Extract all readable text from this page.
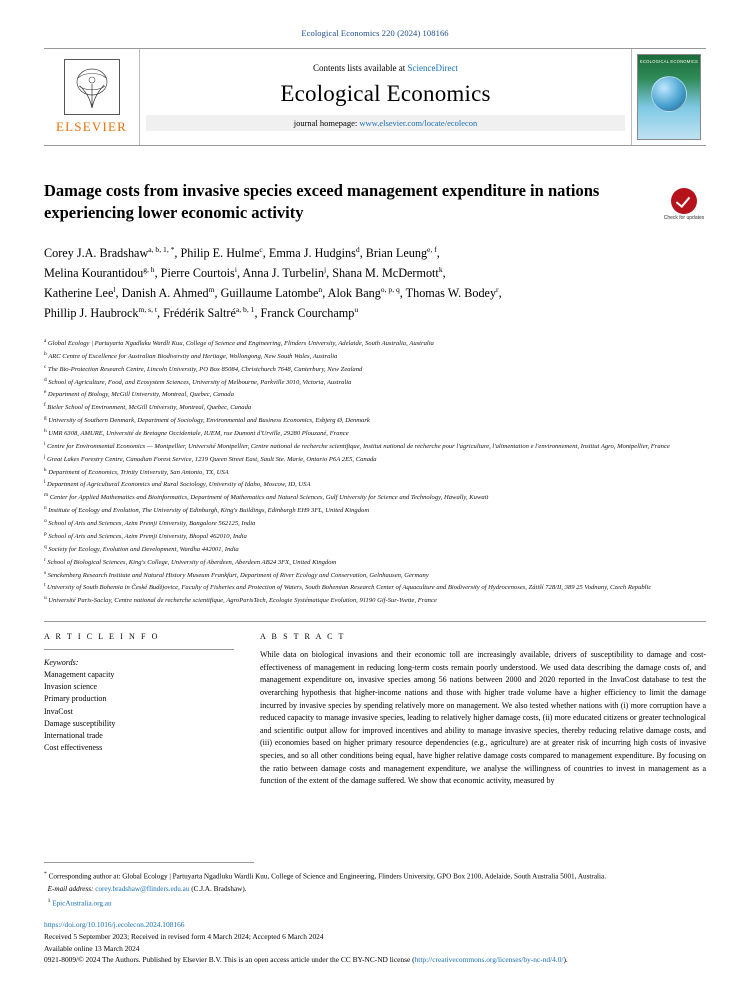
Ecological Economics 220 (2024) 108166
ELSEVIER
Contents lists available at ScienceDirect
Ecological Economics
journal homepage: www.elsevier.com/locate/ecolecon
ECOLOGICAL ECONOMICS
Check for updates
Damage costs from invasive species exceed management expenditure in nations experiencing lower economic activity
Corey J.A. Bradshaw$^{a, b, 1, *}$, Philip E. Hulme$^c$, Emma J. Hudgins$^d$, Brian Leung$^{e, f}$,
Melina Kourantidou$^{g, h}$, Pierre Courtois$^i$, Anna J. Turbelin$^j$, Shana M. McDermott$^k$,
Katherine Lee$^l$, Danish A. Ahmed$^m$, Guillaume Latombe$^n$, Alok Bang$^{o, p, q}$, Thomas W. Bodey$^r$,
Phillip J. Haubrock$^{m, s, t}$, Frédérik Saltré$^{a, b, 1}$, Franck Courchamp$^u$
$^a$ Global Ecology | Partuyarta Ngadluku Wardli Kuu, College of Science and Engineering, Flinders University, Adelaide, South Australia, Australia
$^b$ ARC Centre of Excellence for Australian Biodiversity and Heritage, Wollongong, New South Wales, Australia
$^c$ The Bio-Protection Research Centre, Lincoln University, PO Box 85084, Christchurch 7648, Canterbury, New Zealand
$^d$ School of Agriculture, Food, and Ecosystem Sciences, University of Melbourne, Parkville 3010, Victoria, Australia
$^e$ Department of Biology, McGill University, Montreal, Quebec, Canada
$^f$ Bieler School of Environment, McGill University, Montreal, Quebec, Canada
$^g$ University of Southern Denmark, Department of Sociology, Environmental and Business Economics, Esbjerg Ø, Denmark
$^h$ UMR 6308, AMURE, Université de Bretagne Occidentale, IUEM, rue Dumont d'Urville, 29280 Plouzané, France
$^i$ Centre for Environmental Economics — Montpellier, Université Montpellier, Centre national de recherche scientifique, Institut national de recherche pour l'agriculture, l'alimentation e l'environnement, Institut Agro, Montpellier, France
$^j$ Great Lakes Forestry Centre, Canadian Forest Service, 1219 Queen Street East, Sault Ste. Marie, Ontario P6A 2E5, Canada
$^k$ Department of Economics, Trinity University, San Antonio, TX, USA
$^l$ Department of Agricultural Economics and Rural Sociology, University of Idaho, Moscow, ID, USA
$^m$ Center for Applied Mathematics and Bioinformatics, Department of Mathematics and Natural Sciences, Gulf University for Science and Technology, Hawally, Kuwait
$^n$ Institute of Ecology and Evolution, The University of Edinburgh, King's Buildings, Edinburgh EH9 3FL, United Kingdom
$^o$ School of Arts and Sciences, Azim Premji University, Bangalore 562125, India
$^p$ School of Arts and Sciences, Azim Premji University, Bhopal 462010, India
$^q$ Society for Ecology, Evolution and Development, Wardha 442001, India
$^r$ School of Biological Sciences, King's College, University of Aberdeen, Aberdeen AB24 3FX, United Kingdom
$^s$ Senckenberg Research Institute and Natural History Museum Frankfurt, Department of River Ecology and Conservation, Gelnhausen, Germany
$^t$ University of South Bohemia in České Budějovice, Faculty of Fisheries and Protection of Waters, South Bohemian Research Center of Aquaculture and Biodiversity of Hydrocenoses, Zátiší 728/II, 389 25 Vodnany, Czech Republic
$^u$ Université Paris-Saclay, Centre national de recherche scientifique, AgroParisTech, Ecologie Systématique Evolution, 91190 Gif-Sur-Yvette, France
A R T I C L E I N F O
Keywords:
Management capacity
Invasion science
Primary production
InvaCost
Damage susceptibility
International trade
Cost effectiveness
A B S T R A C T
While data on biological invasions and their economic toll are increasingly available, drivers of susceptibility to damage and cost-effectiveness of management in reducing long-term costs remain poorly understood. We used data describing the damage costs of, and management expenditure on, invasive species among 56 nations between 2000 and 2020 reported in the InvaCost database to test the overarching hypothesis that higher-income nations and those with higher trade volume have a higher efficiency to limit the damage incurred by invasive species by spending relatively more on management. We also tested whether nations with (i) more corruption have a reduced capacity to manage invasive species, leading to relatively higher damage costs, (ii) more educated citizens or greater technological and scientific output allow for improved incentives and ability to manage invasive species, thereby reducing relative damage costs, and (iii) economies based on higher primary resource dependencies (e.g., agriculture) are at greater risk of incurring high costs of invasive species, and so all other conditions being equal, have higher relative damage costs compared to management expenditure. By focusing on the ratio between damage costs and management expenditure, we analyse the willingness of countries to invest in management as a function of the extent of the damage suffered. We show that economic activity, measured by
* Corresponding author at: Global Ecology | Partuyarta Ngadluku Wardli Kuu, College of Science and Engineering, Flinders University, GPO Box 2100, Adelaide, South Australia 5001, Australia.
E-mail address: corey.bradshaw@flinders.edu.au (C.J.A. Bradshaw).
$^1$ EpicAustralia.org.au
https://doi.org/10.1016/j.ecolecon.2024.108166
Received 5 September 2023; Received in revised form 4 March 2024; Accepted 6 March 2024
Available online 13 March 2024
0921-8009/© 2024 The Authors. Published by Elsevier B.V. This is an open access article under the CC BY-NC-ND license (http://creativecommons.org/licenses/by-nc-nd/4.0/).
